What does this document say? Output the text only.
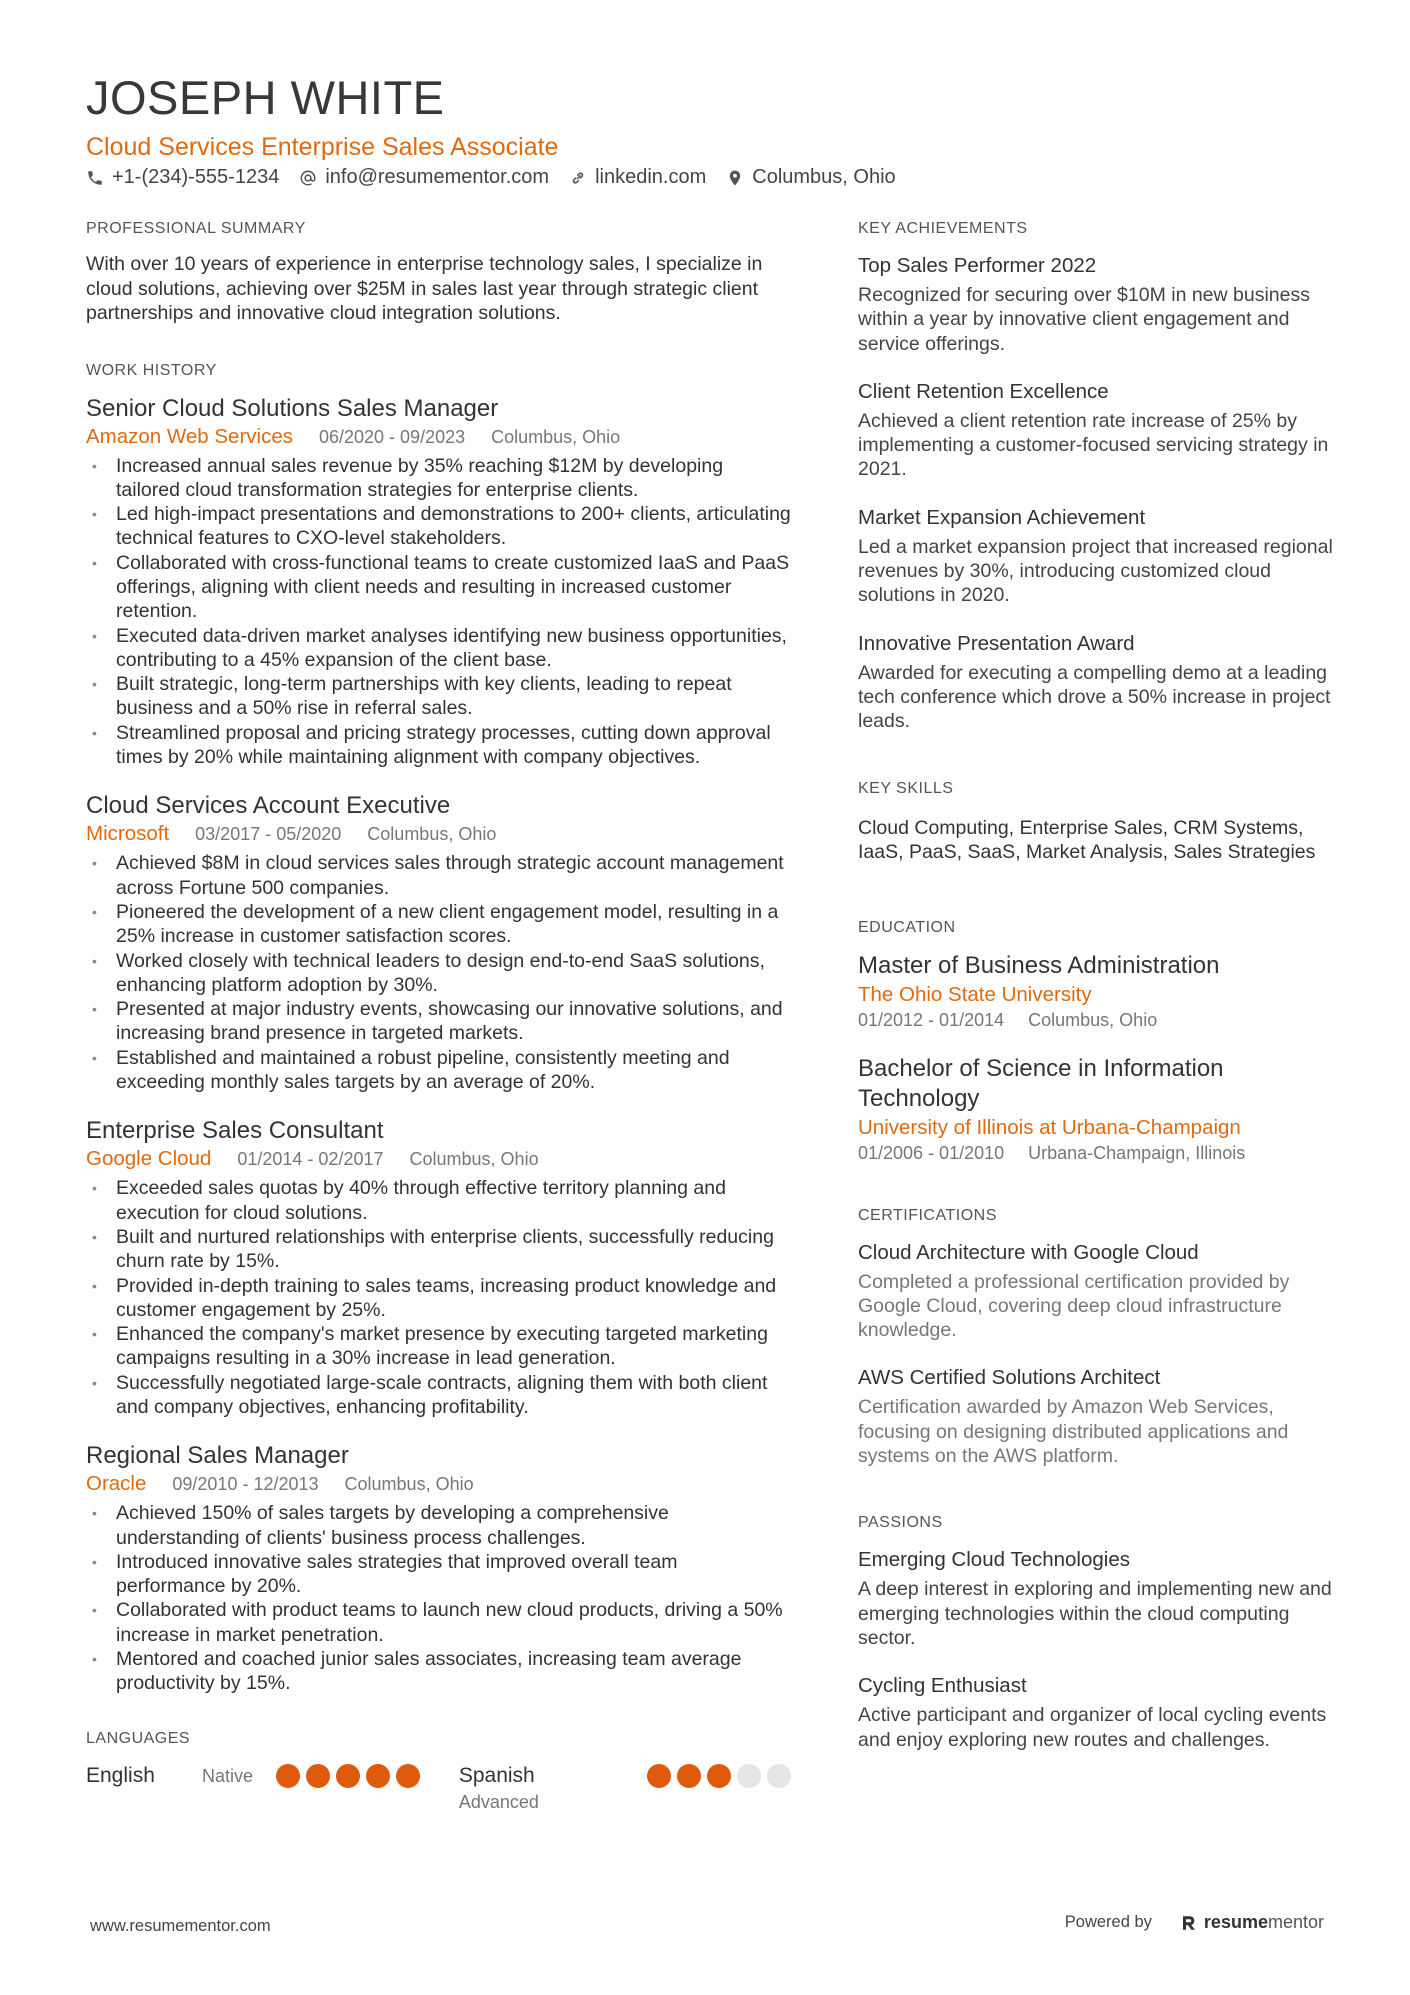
JOSEPH WHITE
Cloud Services Enterprise Sales Associate
+1-(234)-555-1234 info@resumementor.com linkedin.com Columbus, Ohio
PROFESSIONAL SUMMARY

With over 10 years of experience in enterprise technology sales, I specialize in cloud solutions, achieving over $25M in sales last year through strategic client partnerships and innovative cloud integration solutions.

WORK HISTORY
Senior Cloud Solutions Sales Manager
Amazon Web Services 06/2020 - 09/2023 Columbus, Ohio
• Increased annual sales revenue by 35% reaching $12M by developing tailored cloud transformation strategies for enterprise clients.
• Led high-impact presentations and demonstrations to 200+ clients, articulating technical features to CXO-level stakeholders.
• Collaborated with cross-functional teams to create customized IaaS and PaaS offerings, aligning with client needs and resulting in increased customer retention.
• Executed data-driven market analyses identifying new business opportunities, contributing to a 45% expansion of the client base.
• Built strategic, long-term partnerships with key clients, leading to repeat business and a 50% rise in referral sales.
• Streamlined proposal and pricing strategy processes, cutting down approval times by 20% while maintaining alignment with company objectives.
Cloud Services Account Executive
Microsoft 03/2017 - 05/2020 Columbus, Ohio
• Achieved $8M in cloud services sales through strategic account management across Fortune 500 companies.
• Pioneered the development of a new client engagement model, resulting in a 25% increase in customer satisfaction scores.
• Worked closely with technical leaders to design end-to-end SaaS solutions, enhancing platform adoption by 30%.
• Presented at major industry events, showcasing our innovative solutions, and increasing brand presence in targeted markets.
• Established and maintained a robust pipeline, consistently meeting and exceeding monthly sales targets by an average of 20%.
Enterprise Sales Consultant
Google Cloud 01/2014 - 02/2017 Columbus, Ohio
• Exceeded sales quotas by 40% through effective territory planning and execution for cloud solutions.
• Built and nurtured relationships with enterprise clients, successfully reducing churn rate by 15%.
• Provided in-depth training to sales teams, increasing product knowledge and customer engagement by 25%.
• Enhanced the company's market presence by executing targeted marketing campaigns resulting in a 30% increase in lead generation.
• Successfully negotiated large-scale contracts, aligning them with both client and company objectives, enhancing profitability.
Regional Sales Manager
Oracle 09/2010 - 12/2013 Columbus, Ohio
• Achieved 150% of sales targets by developing a comprehensive understanding of clients' business process challenges.
• Introduced innovative sales strategies that improved overall team performance by 20%.
• Collaborated with product teams to launch new cloud products, driving a 50% increase in market penetration.
• Mentored and coached junior sales associates, increasing team average productivity by 15%.
LANGUAGES
English	Native	Spanish
Advanced
KEY ACHIEVEMENTS
Top Sales Performer 2022

Recognized for securing over $10M in new business within a year by innovative client engagement and service offerings.

Client Retention Excellence

Achieved a client retention rate increase of 25% by implementing a customer-focused servicing strategy in 2021.

Market Expansion Achievement

Led a market expansion project that increased regional revenues by 30%, introducing customized cloud solutions in 2020.

Innovative Presentation Award

Awarded for executing a compelling demo at a leading tech conference which drove a 50% increase in project leads.

KEY SKILLS

Cloud Computing, Enterprise Sales, CRM Systems, IaaS, PaaS, SaaS, Market Analysis, Sales Strategies

EDUCATION
Master of Business Administration
The Ohio State University
01/2012 - 01/2014 Columbus, Ohio
Bachelor of Science in Information Technology
University of Illinois at Urbana-Champaign
01/2006 - 01/2010 Urbana-Champaign, Illinois
CERTIFICATIONS
Cloud Architecture with Google Cloud

Completed a professional certification provided by Google Cloud, covering deep cloud infrastructure knowledge.

AWS Certified Solutions Architect

Certification awarded by Amazon Web Services, focusing on designing distributed applications and systems on the AWS platform.

PASSIONS
Emerging Cloud Technologies

A deep interest in exploring and implementing new and emerging technologies within the cloud computing sector.

Cycling Enthusiast

Active participant and organizer of local cycling events and enjoy exploring new routes and challenges.

www.resumementor.com	Powered by	resumementor
